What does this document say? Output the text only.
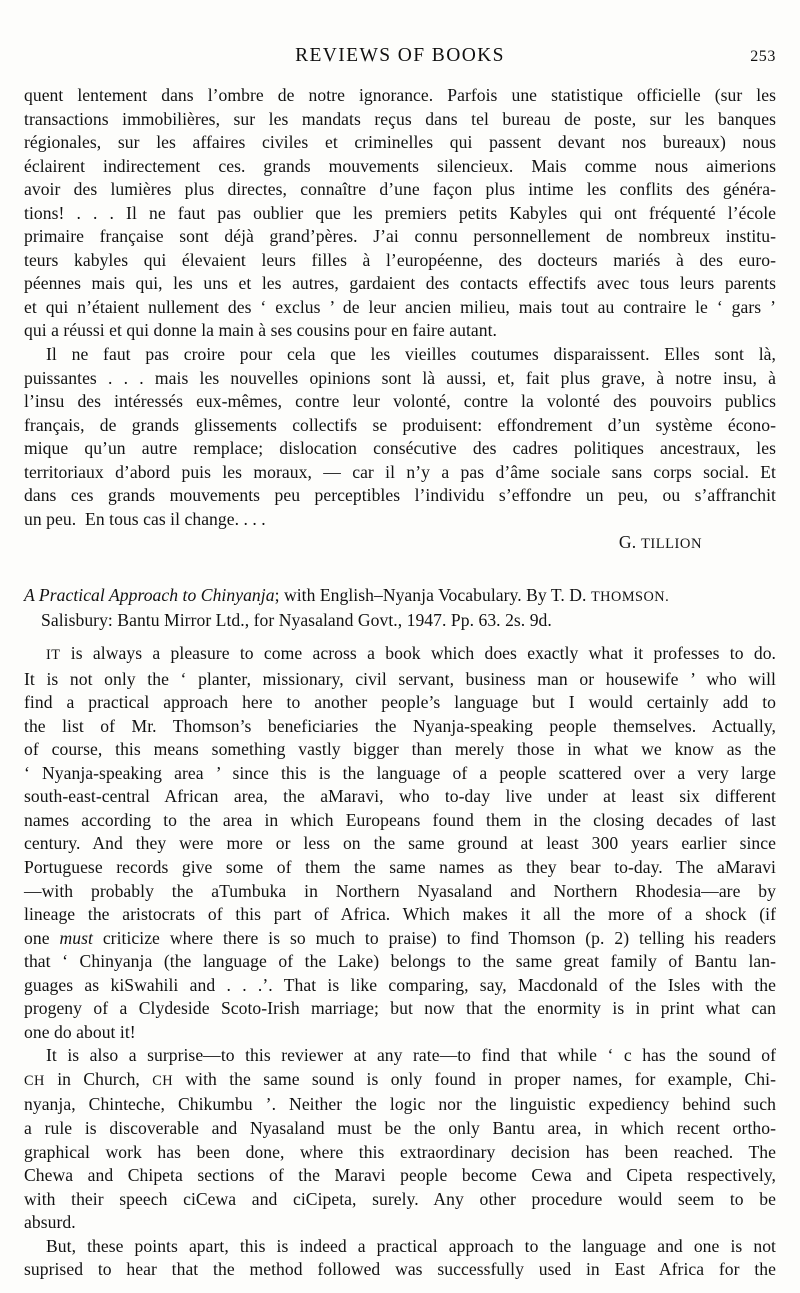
REVIEWS OF BOOKS	253
quent lentement dans l’ombre de notre ignorance. Parfois une statistique officielle (sur les
transactions immobilières, sur les mandats reçus dans tel bureau de poste, sur les banques
régionales, sur les affaires civiles et criminelles qui passent devant nos bureaux) nous
éclairent indirectement ces. grands mouvements silencieux. Mais comme nous aimerions
avoir des lumières plus directes, connaître d’une façon plus intime les conflits des généra-
tions! . . . Il ne faut pas oublier que les premiers petits Kabyles qui ont fréquenté l’école
primaire française sont déjà grand’pères. J’ai connu personnellement de nombreux institu-
teurs kabyles qui élevaient leurs filles à l’européenne, des docteurs mariés à des euro-
péennes mais qui, les uns et les autres, gardaient des contacts effectifs avec tous leurs parents
et qui n’étaient nullement des ‘ exclus ’ de leur ancien milieu, mais tout au contraire le ‘ gars ’
qui a réussi et qui donne la main à ses cousins pour en faire autant.
Il ne faut pas croire pour cela que les vieilles coutumes disparaissent. Elles sont là,
puissantes . . . mais les nouvelles opinions sont là aussi, et, fait plus grave, à notre insu, à
l’insu des intéressés eux-mêmes, contre leur volonté, contre la volonté des pouvoirs publics
français, de grands glissements collectifs se produisent: effondrement d’un système écono-
mique qu’un autre remplace; dislocation consécutive des cadres politiques ancestraux, les
territoriaux d’abord puis les moraux, — car il n’y a pas d’âme sociale sans corps social. Et
dans ces grands mouvements peu perceptibles l’individu s’effondre un peu, ou s’affranchit
un peu.  En tous cas il change. . . .
G. TILLION
A Practical Approach to Chinyanja; with English–Nyanja Vocabulary. By T. D. THOMSON.
Salisbury: Bantu Mirror Ltd., for Nyasaland Govt., 1947. Pp. 63. 2s. 9d.
IT is always a pleasure to come across a book which does exactly what it professes to do.
It is not only the ‘ planter, missionary, civil servant, business man or housewife ’ who will
find a practical approach here to another people’s language but I would certainly add to
the list of Mr. Thomson’s beneficiaries the Nyanja-speaking people themselves. Actually,
of course, this means something vastly bigger than merely those in what we know as the
‘ Nyanja-speaking area ’ since this is the language of a people scattered over a very large
south-east-central African area, the aMaravi, who to-day live under at least six different
names according to the area in which Europeans found them in the closing decades of last
century. And they were more or less on the same ground at least 300 years earlier since
Portuguese records give some of them the same names as they bear to-day. The aMaravi
—with probably the aTumbuka in Northern Nyasaland and Northern Rhodesia—are by
lineage the aristocrats of this part of Africa. Which makes it all the more of a shock (if
one must criticize where there is so much to praise) to find Thomson (p. 2) telling his readers
that ‘ Chinyanja (the language of the Lake) belongs to the same great family of Bantu lan-
guages as kiSwahili and . . .’. That is like comparing, say, Macdonald of the Isles with the
progeny of a Clydeside Scoto-Irish marriage; but now that the enormity is in print what can
one do about it!
It is also a surprise—to this reviewer at any rate—to find that while ‘ c has the sound of
CH in Church, CH with the same sound is only found in proper names, for example, Chi-
nyanja, Chinteche, Chikumbu ’. Neither the logic nor the linguistic expediency behind such
a rule is discoverable and Nyasaland must be the only Bantu area, in which recent ortho-
graphical work has been done, where this extraordinary decision has been reached. The
Chewa and Chipeta sections of the Maravi people become Cewa and Cipeta respectively,
with their speech ciCewa and ciCipeta, surely. Any other procedure would seem to be
absurd.
But, these points apart, this is indeed a practical approach to the language and one is not
suprised to hear that the method followed was successfully used in East Africa for the
